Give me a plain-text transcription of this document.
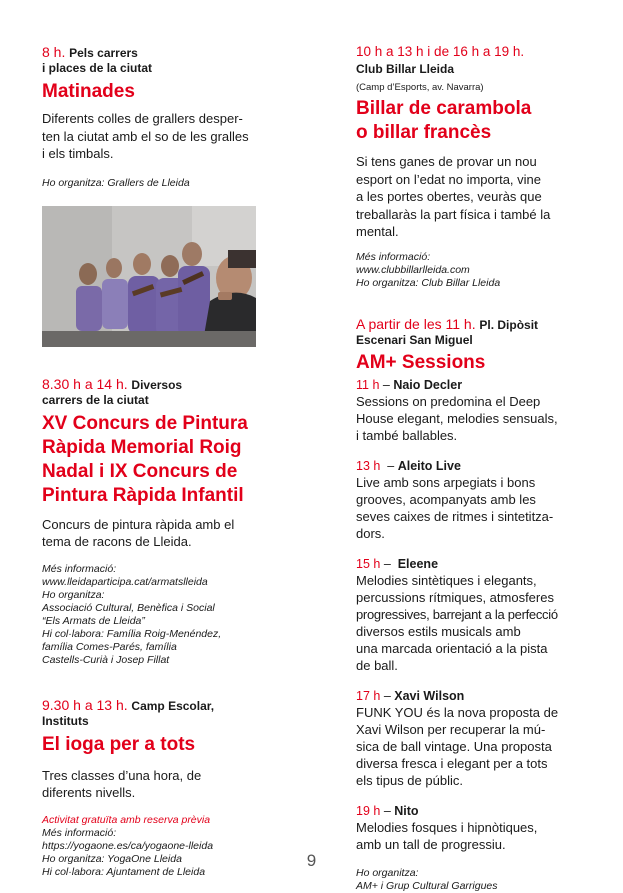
8 h. Pels carrers
i places de la ciutat
Matinades
Diferents colles de grallers desper-
ten la ciutat amb el so de les gralles
i els timbals.
Ho organitza: Grallers de Lleida
8.30 h a 14 h. Diversos
carrers de la ciutat
XV Concurs de Pintura
Ràpida Memorial Roig
Nadal i IX Concurs de
Pintura Ràpida Infantil
Concurs de pintura ràpida amb el
tema de racons de Lleida.
Més informació:
www.lleidaparticipa.cat/armatslleida
Ho organitza:
Associació Cultural, Benèfica i Social
“Els Armats de Lleida”
Hi col·labora: Família Roig-Menéndez,
família Comes-Parés, família
Castells-Curià i Josep Fillat
9.30 h a 13 h. Camp Escolar,
Instituts
El ioga per a tots
Tres classes d’una hora, de
diferents nivells.
Activitat gratuïta amb reserva prèvia
Més informació:
https://yogaone.es/ca/yogaone-lleida
Ho organitza: YogaOne Lleida
Hi col·labora: Ajuntament de Lleida
10 h a 13 h i de 16 h a 19 h.
Club Billar Lleida
(Camp d’Esports, av. Navarra)
Billar de carambola
o billar francès
Si tens ganes de provar un nou
esport on l’edat no importa, vine
a les portes obertes, veuràs que
treballaràs la part física i també la
mental.
Més informació:
www.clubbillarlleida.com
Ho organitza: Club Billar Lleida
A partir de les 11 h. Pl. Dipòsit
Escenari San Miguel
AM+ Sessions
11 h – Naio Decler
Sessions on predomina el Deep
House elegant, melodies sensuals,
i també ballables.
13 h  – Aleito Live
Live amb sons arpegiats i bons
grooves, acompanyats amb les
seves caixes de ritmes i sintetitza-
dors.
15 h –  Eleene
Melodies sintètiques i elegants,
percussions rítmiques, atmosferes
progressives, barrejant a la perfecció
diversos estils musicals amb
una marcada orientació a la pista
de ball.
17 h – Xavi Wilson
FUNK YOU és la nova proposta de
Xavi Wilson per recuperar la mú-
sica de ball vintage. Una proposta
diversa fresca i elegant per a tots
els tipus de públic.
19 h – Nito
Melodies fosques i hipnòtiques,
amb un tall de progressiu.
Ho organitza:
AM+ i Grup Cultural Garrigues
9
